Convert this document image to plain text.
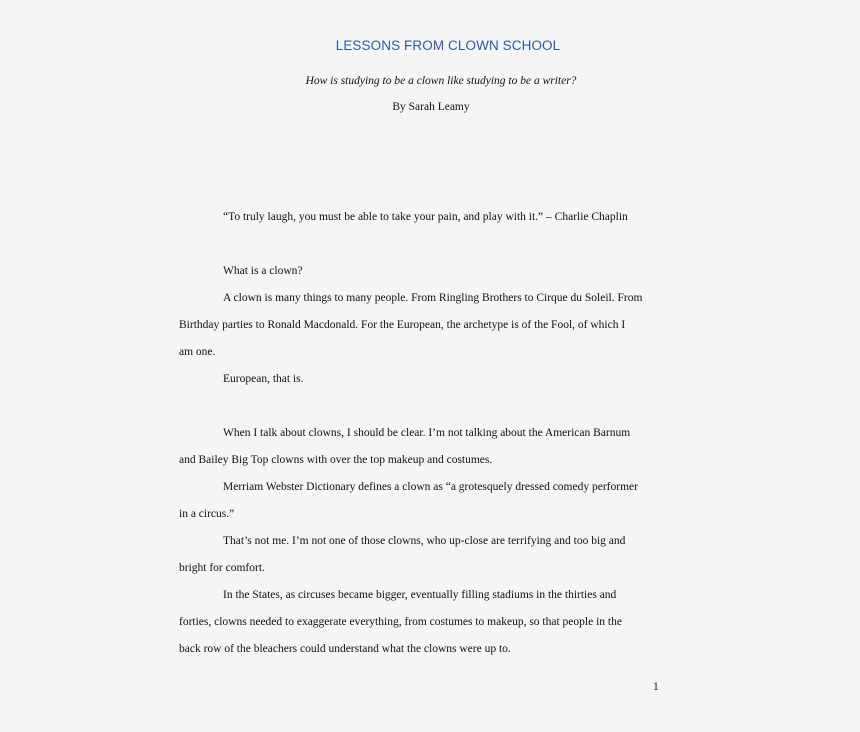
LESSONS FROM CLOWN SCHOOL

How is studying to be a clown like studying to be a writer?

By Sarah Leamy

“To truly laugh, you must be able to take your pain, and play with it.” – Charlie Chaplin

What is a clown?

A clown is many things to many people. From Ringling Brothers to Cirque du Soleil. From
Birthday parties to Ronald Macdonald. For the European, the archetype is of the Fool, of which I
am one.

European, that is.

When I talk about clowns, I should be clear. I’m not talking about the American Barnum
and Bailey Big Top clowns with over the top makeup and costumes.

Merriam Webster Dictionary defines a clown as “a grotesquely dressed comedy performer
in a circus.”

That’s not me. I’m not one of those clowns, who up-close are terrifying and too big and
bright for comfort.

In the States, as circuses became bigger, eventually filling stadiums in the thirties and
forties, clowns needed to exaggerate everything, from costumes to makeup, so that people in the
back row of the bleachers could understand what the clowns were up to.

1
